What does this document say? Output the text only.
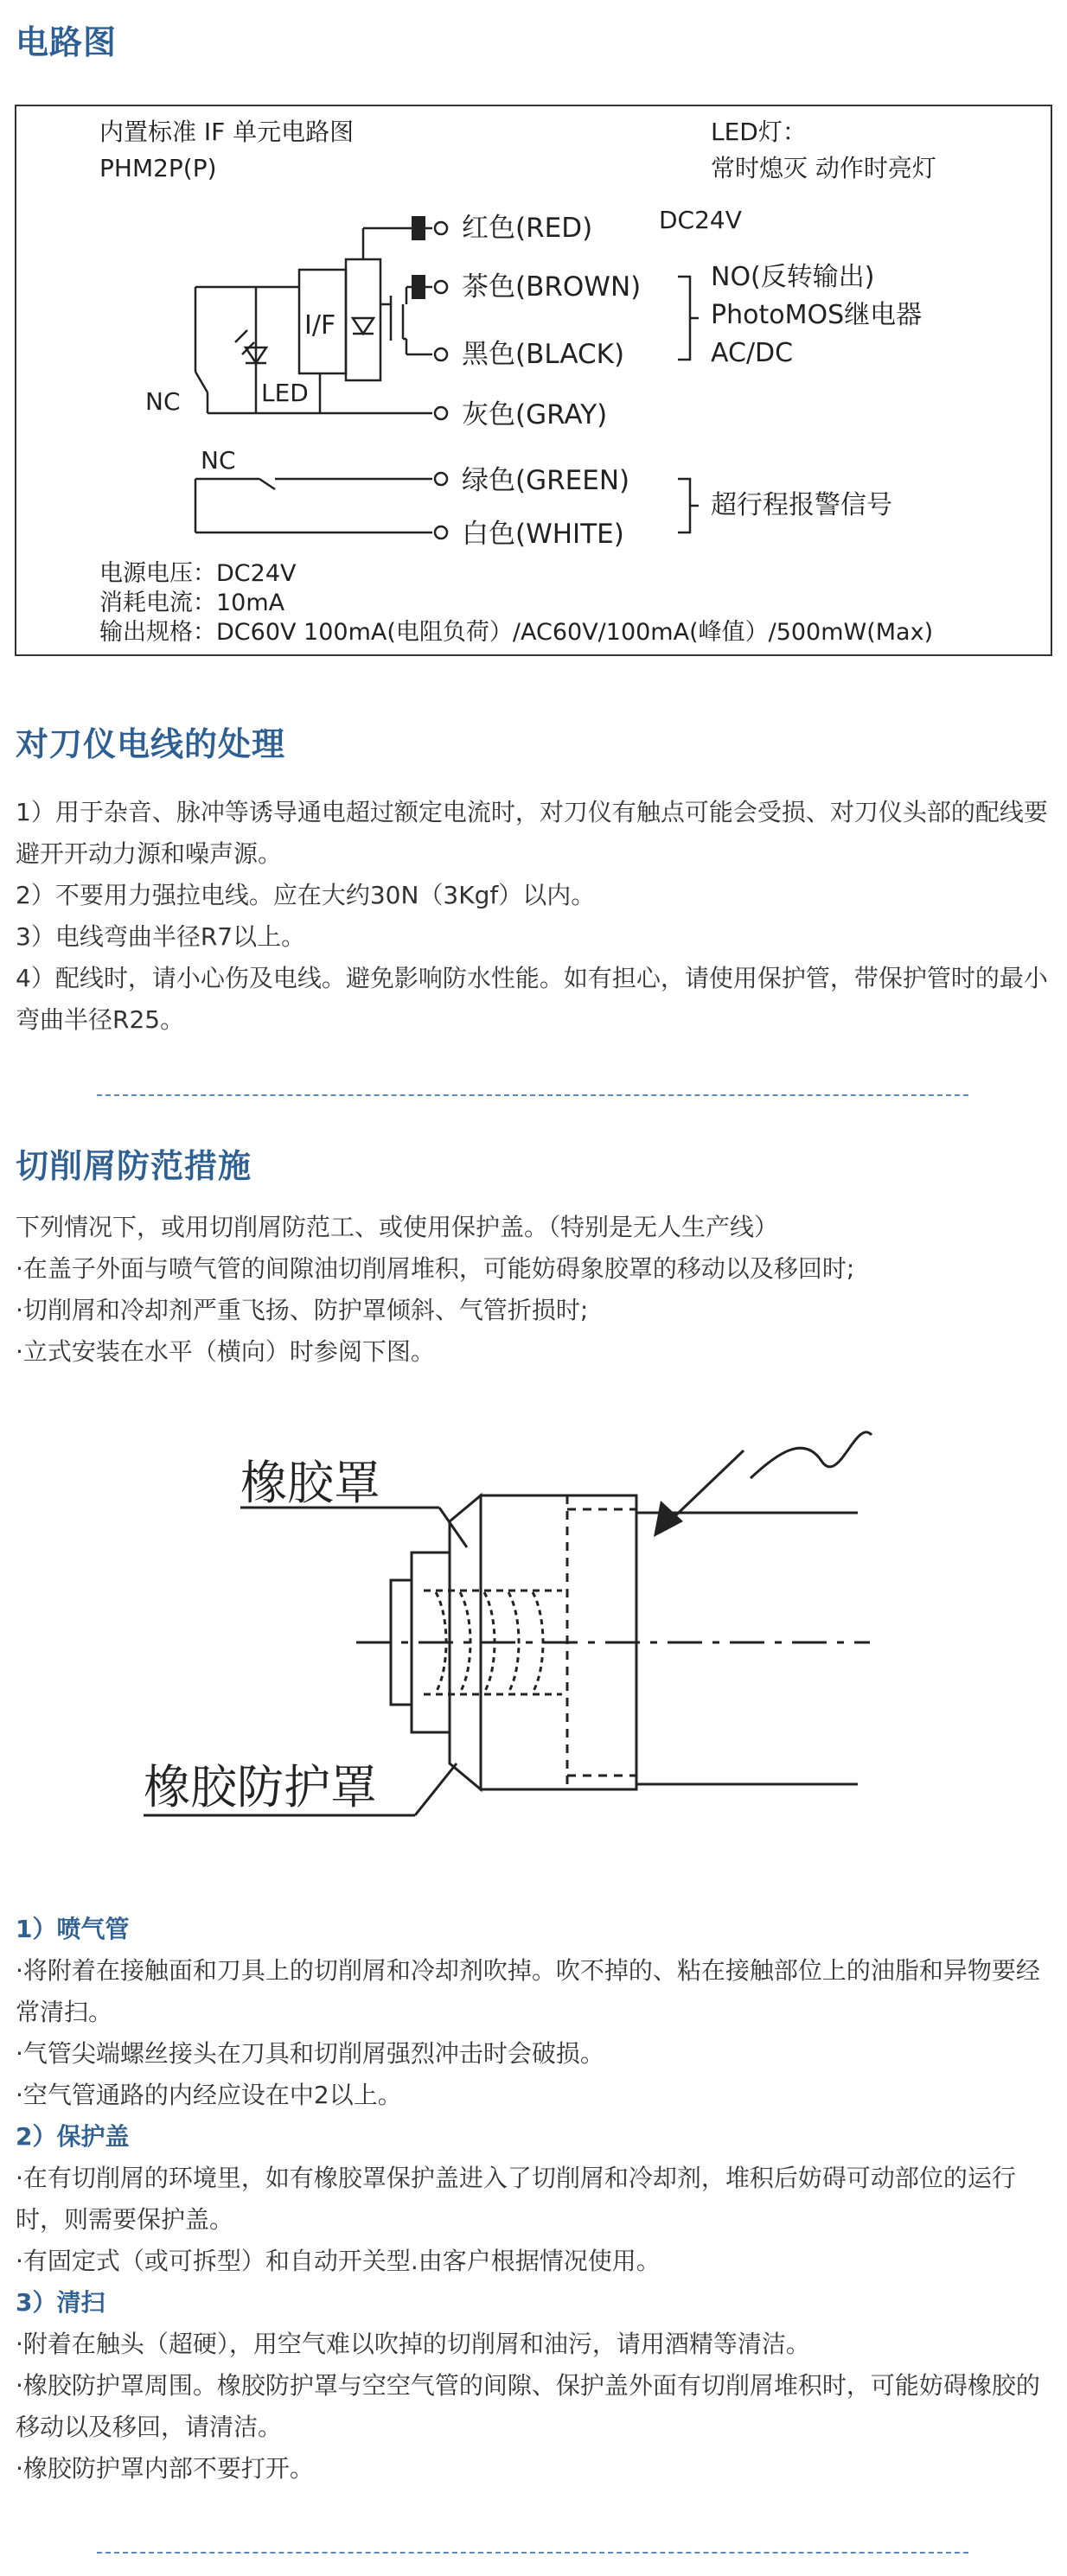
电路图
内置标准 IF 单元电路图
PHM2P(P)
LED灯：
常时熄灭 动作时亮灯
DC24V
红色(RED)
茶色(BROWN)
黑色(BLACK)
灰色(GRAY)
绿色(GREEN)
白色(WHITE)
NO(反转输出)
PhotoMOS继电器
AC/DC
超行程报警信号
NC
NC
LED
I/F
电源电压：DC24V
消耗电流：10mA
输出规格：DC60V 100mA(电阻负荷）/AC60V/100mA(峰值）/500mW(Max)
对刀仪电线的处理

1）用于杂音、脉冲等诱导通电超过额定电流时，对刀仪有触点可能会受损、对刀仪头部的配线要避开开动力源和噪声源。

2）不要用力强拉电线。应在大约30N（3Kgf）以内。

3）电线弯曲半径R7以上。

4）配线时，请小心伤及电线。避免影响防水性能。如有担心，请使用保护管，带保护管时的最小弯曲半径R25。

切削屑防范措施

下列情况下，或用切削屑防范工、或使用保护盖。（特别是无人生产线）

·在盖子外面与喷气管的间隙油切削屑堆积，可能妨碍象胶罩的移动以及移回时;

·切削屑和冷却剂严重飞扬、防护罩倾斜、气管折损时;

·立式安装在水平（横向）时参阅下图。

橡胶罩
橡胶防护罩

1）喷气管

·将附着在接触面和刀具上的切削屑和冷却剂吹掉。吹不掉的、粘在接触部位上的油脂和异物要经常清扫。

·气管尖端螺丝接头在刀具和切削屑强烈冲击时会破损。

·空气管通路的内经应设在中2以上。

2）保护盖

·在有切削屑的环境里，如有橡胶罩保护盖进入了切削屑和冷却剂，堆积后妨碍可动部位的运行时，则需要保护盖。

·有固定式（或可拆型）和自动开关型.由客户根据情况使用。

3）清扫

·附着在触头（超硬），用空气难以吹掉的切削屑和油污，请用酒精等清洁。

·橡胶防护罩周围。橡胶防护罩与空空气管的间隙、保护盖外面有切削屑堆积时，可能妨碍橡胶的移动以及移回，请清洁。

·橡胶防护罩内部不要打开。
